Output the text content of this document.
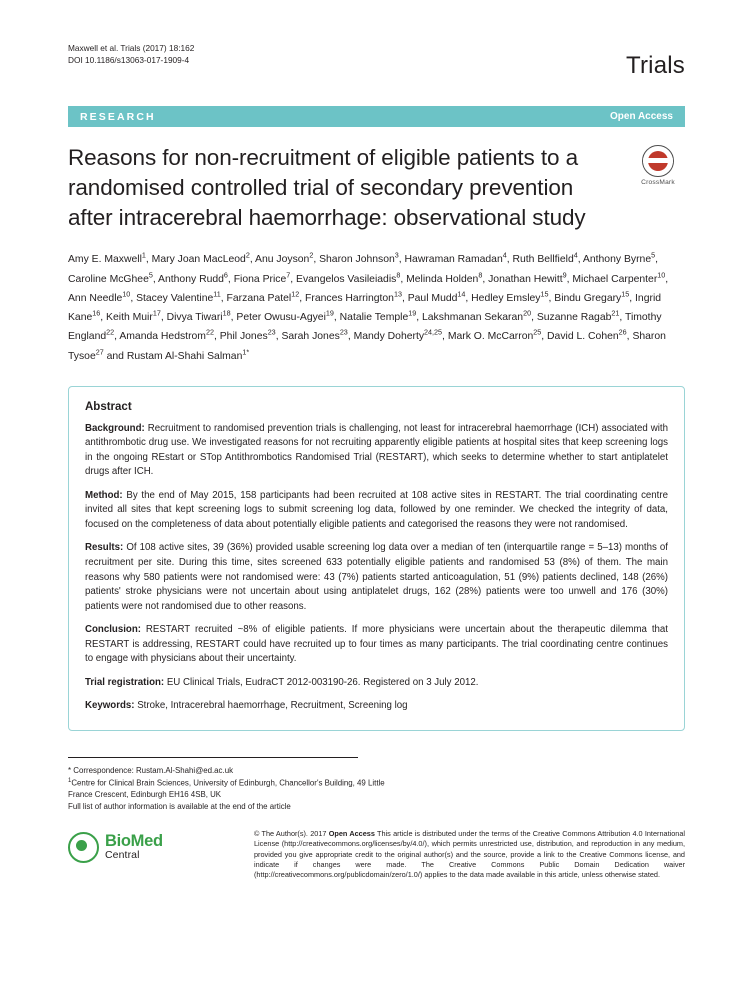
Maxwell et al. Trials (2017) 18:162
DOI 10.1186/s13063-017-1909-4	Trials
RESEARCH	Open Access
Reasons for non-recruitment of eligible patients to a randomised controlled trial of secondary prevention after intracerebral haemorrhage: observational study
CrossMark
Amy E. Maxwell$^1$, Mary Joan MacLeod$^2$, Anu Joyson$^2$, Sharon Johnson$^3$, Hawraman Ramadan$^4$, Ruth Bellfield$^4$, Anthony Byrne$^5$, Caroline McGhee$^5$, Anthony Rudd$^6$, Fiona Price$^7$, Evangelos Vasileiadis$^8$, Melinda Holden$^8$, Jonathan Hewitt$^9$, Michael Carpenter$^{10}$, Ann Needle$^{10}$, Stacey Valentine$^{11}$, Farzana Patel$^{12}$, Frances Harrington$^{13}$, Paul Mudd$^{14}$, Hedley Emsley$^{15}$, Bindu Gregary$^{15}$, Ingrid Kane$^{16}$, Keith Muir$^{17}$, Divya Tiwari$^{18}$, Peter Owusu-Agyei$^{19}$, Natalie Temple$^{19}$, Lakshmanan Sekaran$^{20}$, Suzanne Ragab$^{21}$, Timothy England$^{22}$, Amanda Hedstrom$^{22}$, Phil Jones$^{23}$, Sarah Jones$^{23}$, Mandy Doherty$^{24,25}$, Mark O. McCarron$^{25}$, David L. Cohen$^{26}$, Sharon Tysoe$^{27}$ and Rustam Al-Shahi Salman$^{1*}$
Abstract

Background: Recruitment to randomised prevention trials is challenging, not least for intracerebral haemorrhage (ICH) associated with antithrombotic drug use. We investigated reasons for not recruiting apparently eligible patients at hospital sites that keep screening logs in the ongoing REstart or STop Antithrombotics Randomised Trial (RESTART), which seeks to determine whether to start antiplatelet drugs after ICH.

Method: By the end of May 2015, 158 participants had been recruited at 108 active sites in RESTART. The trial coordinating centre invited all sites that kept screening logs to submit screening log data, followed by one reminder. We checked the integrity of data, focused on the completeness of data about potentially eligible patients and categorised the reasons they were not randomised.

Results: Of 108 active sites, 39 (36%) provided usable screening log data over a median of ten (interquartile range = 5–13) months of recruitment per site. During this time, sites screened 633 potentially eligible patients and randomised 53 (8%) of them. The main reasons why 580 patients were not randomised were: 43 (7%) patients started anticoagulation, 51 (9%) patients declined, 148 (26%) patients' stroke physicians were not uncertain about using antiplatelet drugs, 162 (28%) patients were too unwell and 176 (30%) patients were not randomised due to other reasons.

Conclusion: RESTART recruited ~8% of eligible patients. If more physicians were uncertain about the therapeutic dilemma that RESTART is addressing, RESTART could have recruited up to four times as many participants. The trial coordinating centre continues to engage with physicians about their uncertainty.

Trial registration: EU Clinical Trials, EudraCT 2012-003190-26. Registered on 3 July 2012.

Keywords: Stroke, Intracerebral haemorrhage, Recruitment, Screening log

* Correspondence: Rustam.Al-Shahi@ed.ac.uk
$^1$Centre for Clinical Brain Sciences, University of Edinburgh, Chancellor's Building, 49 Little France Crescent, Edinburgh EH16 4SB, UK
Full list of author information is available at the end of the article
BioMed
Central
© The Author(s). 2017 Open Access This article is distributed under the terms of the Creative Commons Attribution 4.0 International License (http://creativecommons.org/licenses/by/4.0/), which permits unrestricted use, distribution, and reproduction in any medium, provided you give appropriate credit to the original author(s) and the source, provide a link to the Creative Commons license, and indicate if changes were made. The Creative Commons Public Domain Dedication waiver (http://creativecommons.org/publicdomain/zero/1.0/) applies to the data made available in this article, unless otherwise stated.
